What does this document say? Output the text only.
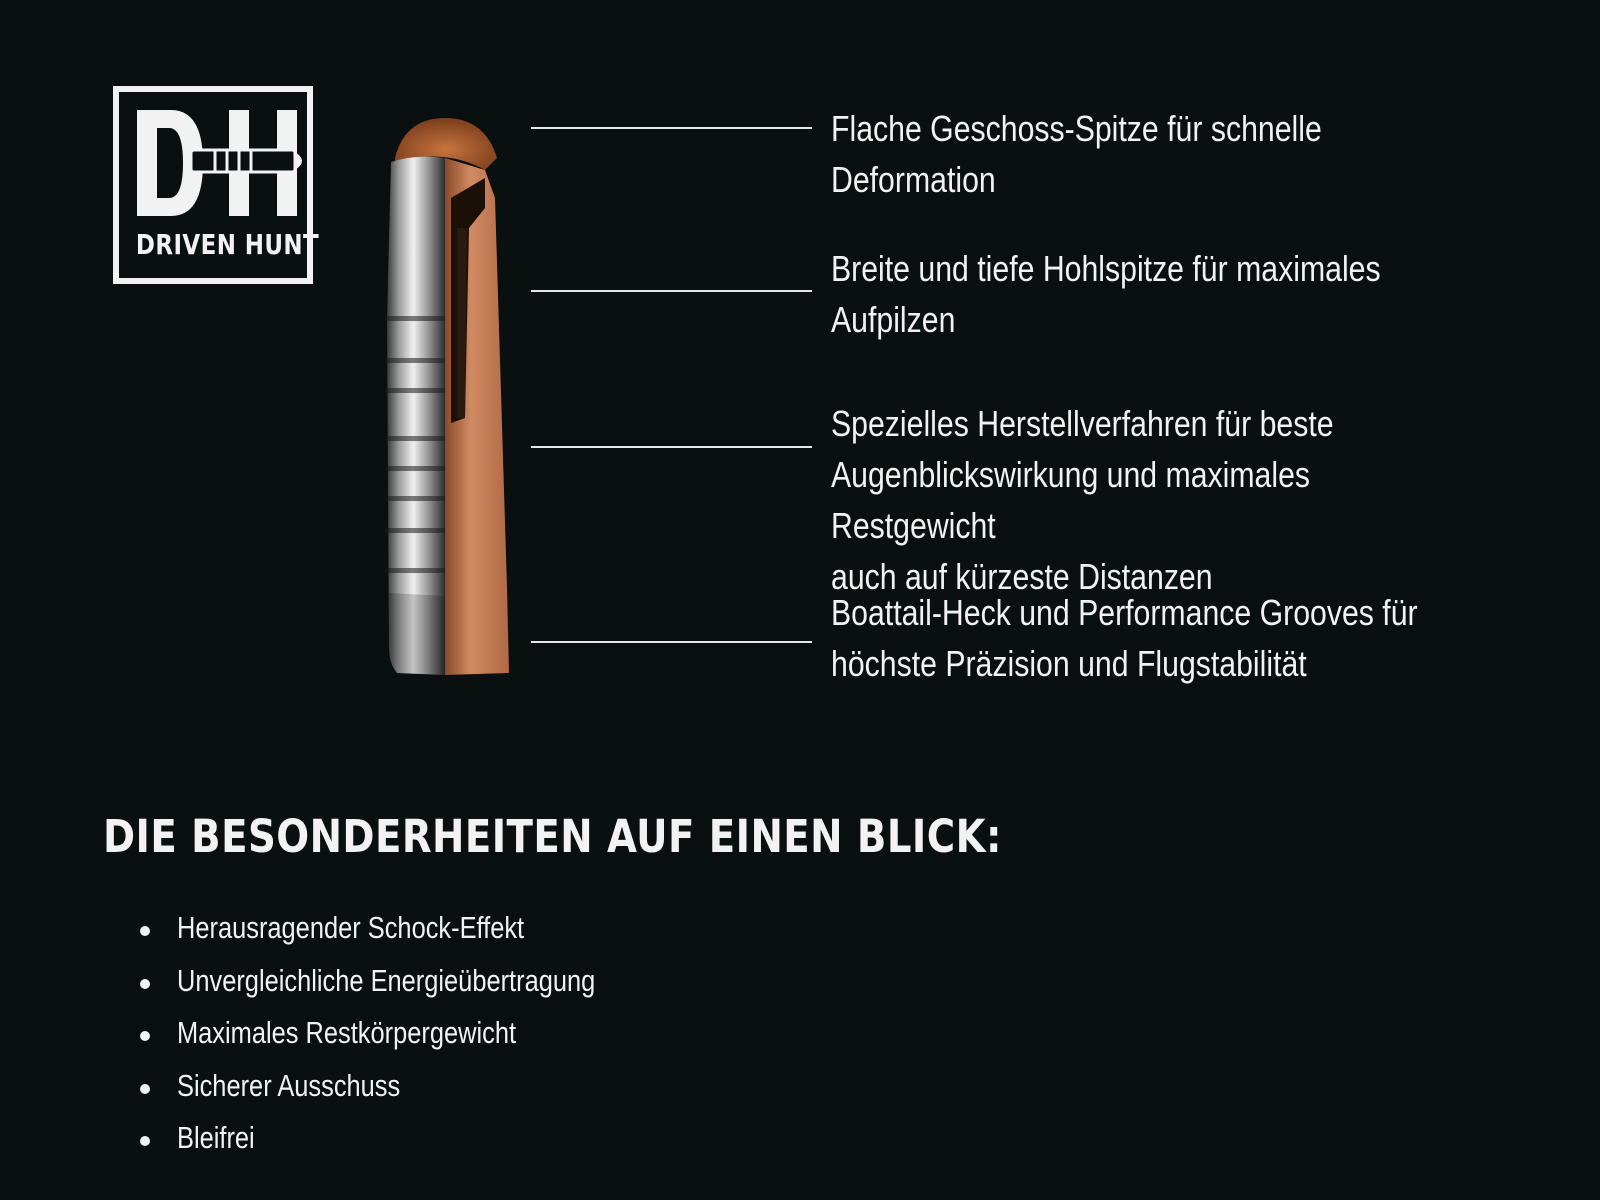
DRIVEN HUNT
Flache Geschoss-Spitze für schnelle Deformation
Breite und tiefe Hohlspitze für maximales
Aufpilzen
Spezielles Herstellverfahren für beste
Augenblickswirkung und maximales Restgewicht
auch auf kürzeste Distanzen
Boattail-Heck und Performance Grooves für
höchste Präzision und Flugstabilität
DIE BESONDERHEITEN AUF EINEN BLICK:
Herausragender Schock-Effekt
Unvergleichliche Energieübertragung
Maximales Restkörpergewicht
Sicherer Ausschuss
Bleifrei
